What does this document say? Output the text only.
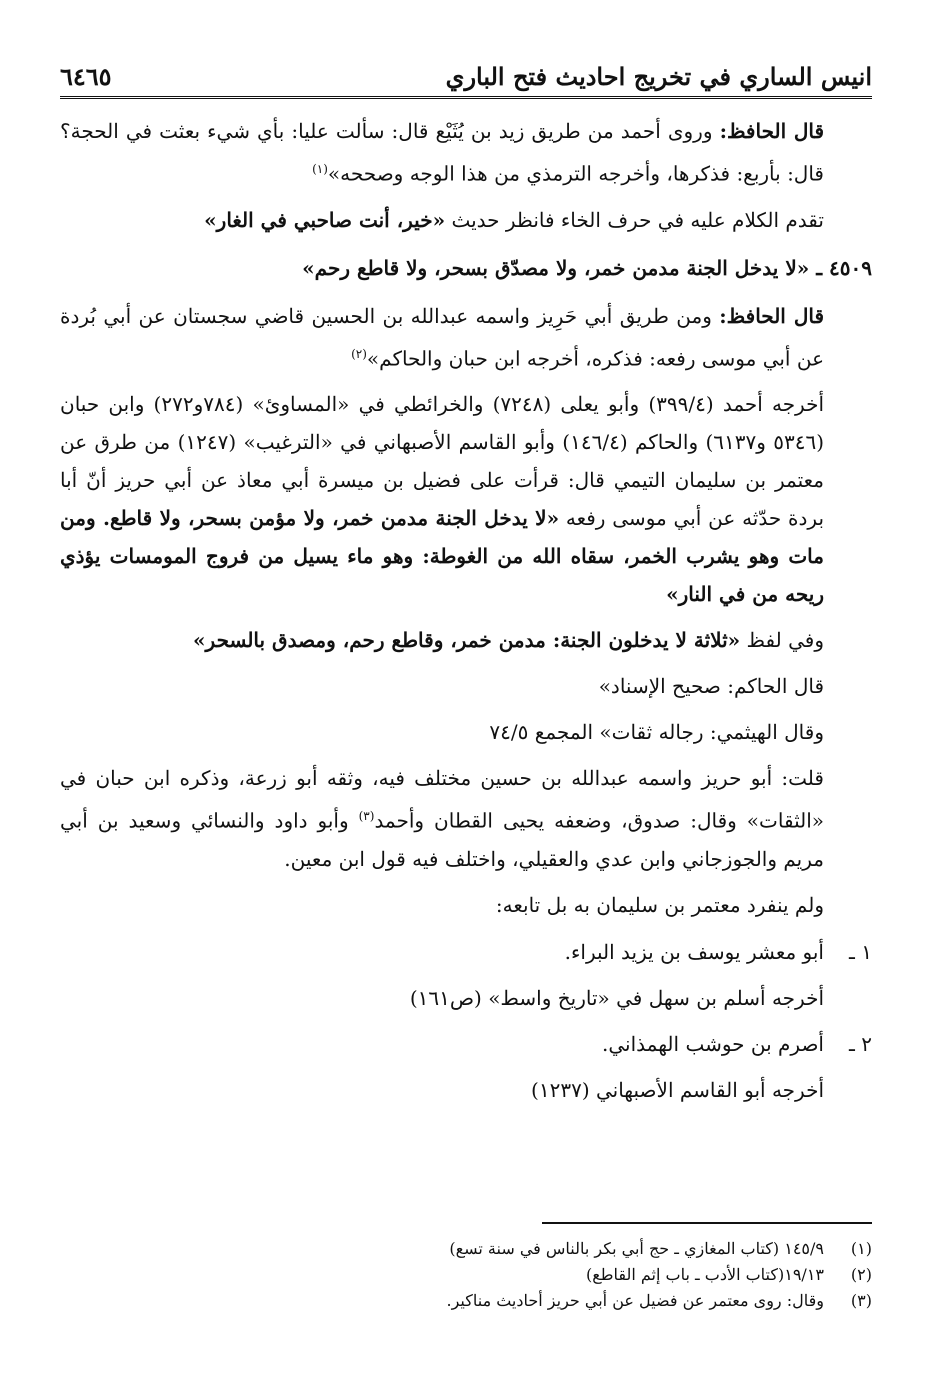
انيس الساري في تخريج احاديث فتح الباري
٦٤٦٥

قال الحافظ: وروى أحمد من طريق زيد بن يُثَيْع قال: سألت عليا: بأي شيء بعثت في الحجة؟ قال: بأربع: فذكرها، وأخرجه الترمذي من هذا الوجه وصححه»$^{(١)}$

تقدم الكلام عليه في حرف الخاء فانظر حديث «خير، أنت صاحبي في الغار»

٤٥٠٩ ـ «لا يدخل الجنة مدمن خمر، ولا مصدّق بسحر، ولا قاطع رحم»

قال الحافظ: ومن طريق أبي حَرِيز واسمه عبدالله بن الحسين قاضي سجستان عن أبي بُردة عن أبي موسى رفعه: فذكره، أخرجه ابن حبان والحاكم»$^{(٢)}$

أخرجه أحمد (٣٩٩/٤) وأبو يعلى (٧٢٤٨) والخرائطي في «المساوئ» (٧٨٤و٢٧٢) وابن حبان (٥٣٤٦ و٦١٣٧) والحاكم (١٤٦/٤) وأبو القاسم الأصبهاني في «الترغيب» (١٢٤٧) من طرق عن معتمر بن سليمان التيمي قال: قرأت على فضيل بن ميسرة أبي معاذ عن أبي حريز أنّ أبا بردة حدّثه عن أبي موسى رفعه «لا يدخل الجنة مدمن خمر، ولا مؤمن بسحر، ولا قاطع. ومن مات وهو يشرب الخمر، سقاه الله من الغوطة: وهو ماء يسيل من فروج المومسات يؤذي ريحه من في النار»

وفي لفظ «ثلاثة لا يدخلون الجنة: مدمن خمر، وقاطع رحم، ومصدق بالسحر»

قال الحاكم: صحيح الإسناد»

وقال الهيثمي: رجاله ثقات» المجمع ٧٤/٥

قلت: أبو حريز واسمه عبدالله بن حسين مختلف فيه، وثقه أبو زرعة، وذكره ابن حبان في «الثقات» وقال: صدوق، وضعفه يحيى القطان وأحمد$^{(٣)}$ وأبو داود والنسائي وسعيد بن أبي مريم والجوزجاني وابن عدي والعقيلي، واختلف فيه قول ابن معين.

ولم ينفرد معتمر بن سليمان به بل تابعه:

١ ـ
أبو معشر يوسف بن يزيد البراء.
أخرجه أسلم بن سهل في «تاريخ واسط» (ص١٦١)
٢ ـ
أصرم بن حوشب الهمذاني.
أخرجه أبو القاسم الأصبهاني (١٢٣٧)
(١)
١٤٥/٩ (كتاب المغازي ـ حج أبي بكر بالناس في سنة تسع)
(٢)
١٩/١٣(كتاب الأدب ـ باب إثم القاطع)
(٣)
وقال: روى معتمر عن فضيل عن أبي حريز أحاديث مناكير.
